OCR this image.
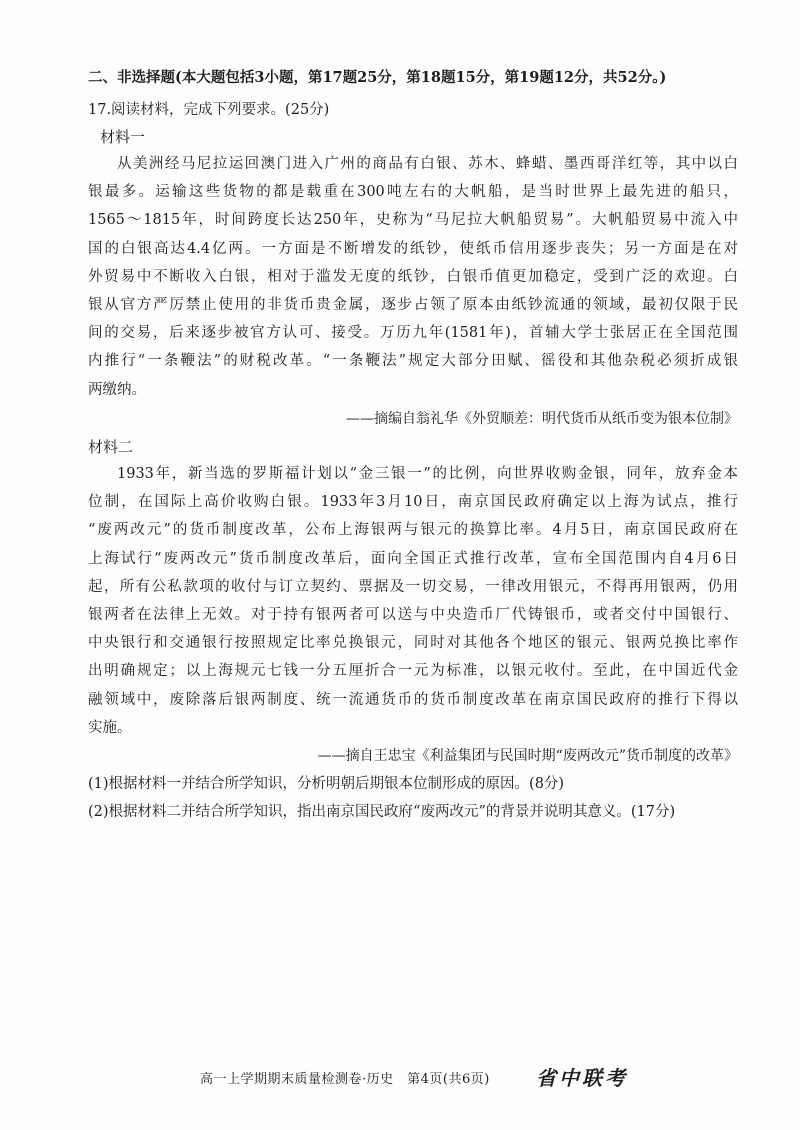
二、非选择题(本大题包括3小题，第17题25分，第18题15分，第19题12分，共52分。)
17.阅读材料，完成下列要求。(25分)
材料一
从美洲经马尼拉运回澳门进入广州的商品有白银、苏木、蜂蜡、墨西哥洋红等，其中以白
银最多。运输这些货物的都是载重在300吨左右的大帆船，是当时世界上最先进的船只，
1565～1815年，时间跨度长达250年，史称为“马尼拉大帆船贸易”。大帆船贸易中流入中
国的白银高达4.4亿两。一方面是不断增发的纸钞，使纸币信用逐步丧失；另一方面是在对
外贸易中不断收入白银，相对于滥发无度的纸钞，白银币值更加稳定，受到广泛的欢迎。白
银从官方严厉禁止使用的非货币贵金属，逐步占领了原本由纸钞流通的领域，最初仅限于民
间的交易，后来逐步被官方认可、接受。万历九年(1581年)，首辅大学士张居正在全国范围
内推行“一条鞭法”的财税改革。“一条鞭法”规定大部分田赋、徭役和其他杂税必须折成银
两缴纳。
——摘编自翁礼华《外贸顺差：明代货币从纸币变为银本位制》
材料二
1933年，新当选的罗斯福计划以“金三银一”的比例，向世界收购金银，同年，放弃金本
位制，在国际上高价收购白银。1933年3月10日，南京国民政府确定以上海为试点，推行
“废两改元”的货币制度改革，公布上海银两与银元的换算比率。4月5日，南京国民政府在
上海试行“废两改元”货币制度改革后，面向全国正式推行改革，宣布全国范围内自4月6日
起，所有公私款项的收付与订立契约、票据及一切交易，一律改用银元，不得再用银两，仍用
银两者在法律上无效。对于持有银两者可以送与中央造币厂代铸银币，或者交付中国银行、
中央银行和交通银行按照规定比率兑换银元，同时对其他各个地区的银元、银两兑换比率作
出明确规定；以上海规元七钱一分五厘折合一元为标准，以银元收付。至此，在中国近代金
融领域中，废除落后银两制度、统一流通货币的货币制度改革在南京国民政府的推行下得以
实施。
——摘自王忠宝《利益集团与民国时期“废两改元”货币制度的改革》
(1)根据材料一并结合所学知识，分析明朝后期银本位制形成的原因。(8分)
(2)根据材料二并结合所学知识，指出南京国民政府“废两改元”的背景并说明其意义。(17分)
高一上学期期末质量检测卷·历史　第4页(共6页) 省中联考
